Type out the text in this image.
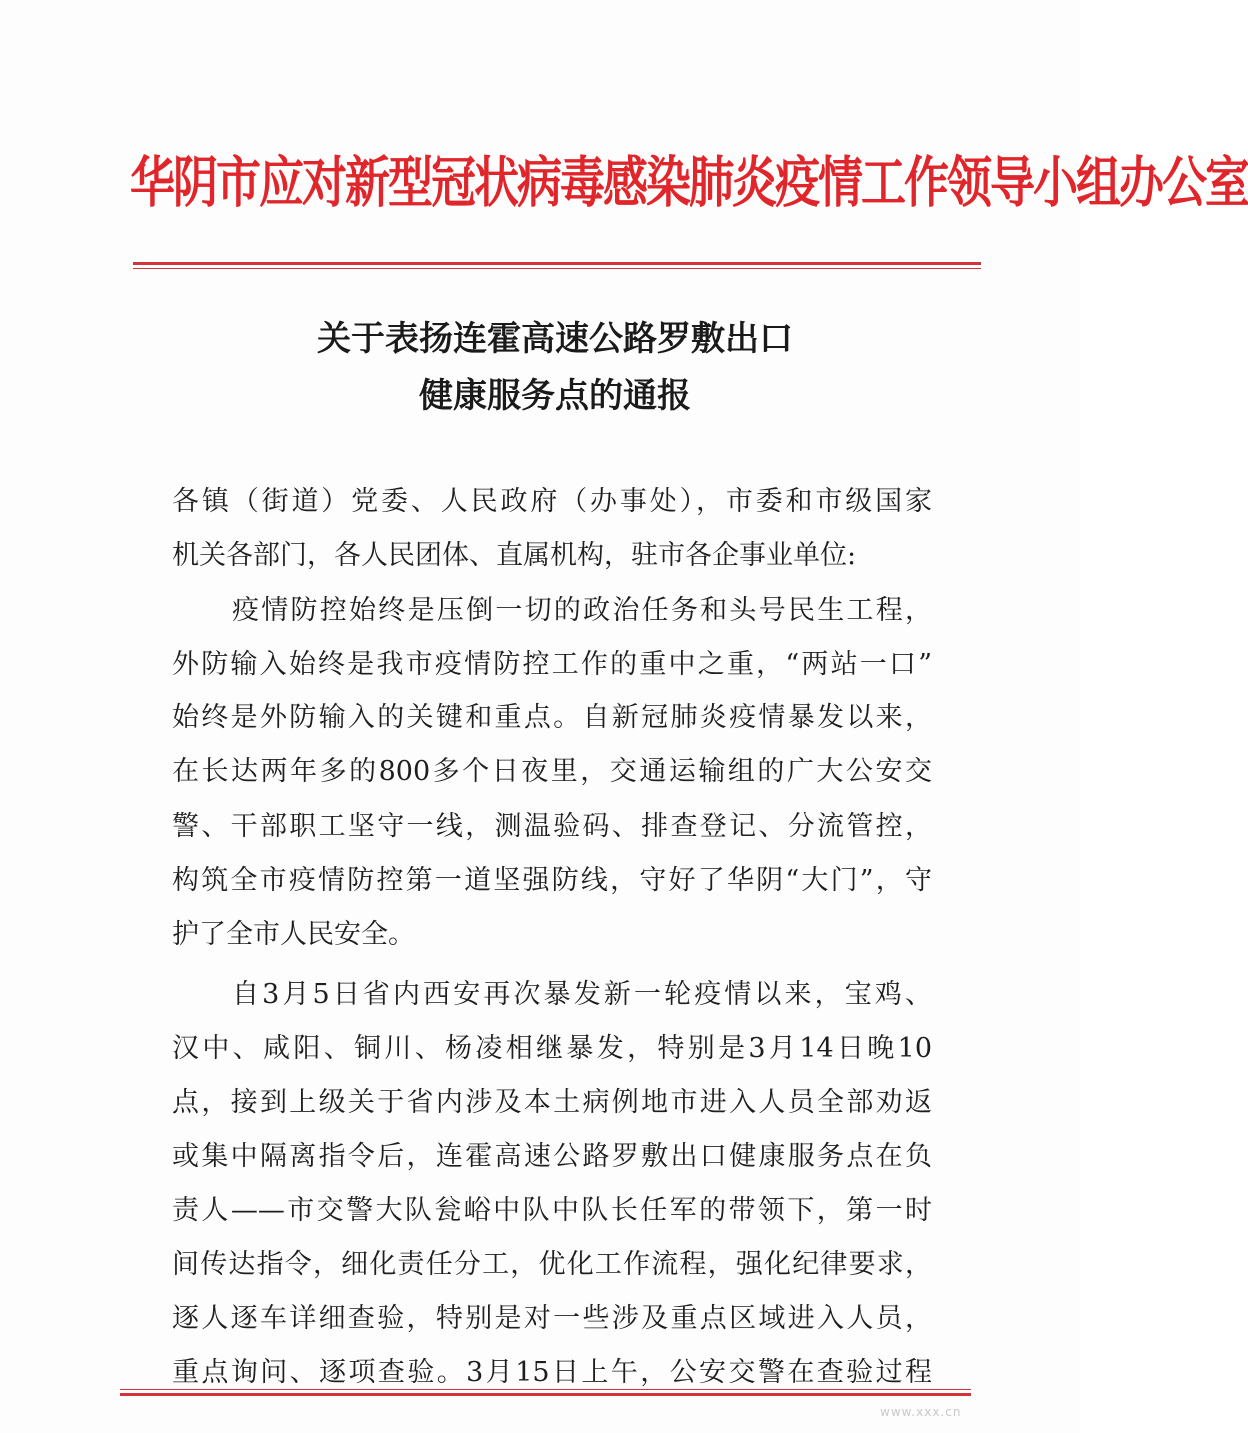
华阴市应对新型冠状病毒感染肺炎疫情工作领导小组办公室
关于表扬连霍高速公路罗敷出口
健康服务点的通报
各镇（街道）党委、人民政府（办事处），市委和市级国家
机关各部门，各人民团体、直属机构，驻市各企事业单位:
疫情防控始终是压倒一切的政治任务和头号民生工程，
外防输入始终是我市疫情防控工作的重中之重，“两站一口”
始终是外防输入的关键和重点。自新冠肺炎疫情暴发以来，
在长达两年多的800多个日夜里，交通运输组的广大公安交
警、干部职工坚守一线，测温验码、排查登记、分流管控，
构筑全市疫情防控第一道坚强防线，守好了华阴“大门”，守
护了全市人民安全。
自3月5日省内西安再次暴发新一轮疫情以来，宝鸡、
汉中、咸阳、铜川、杨凌相继暴发，特别是3月14日晚10
点，接到上级关于省内涉及本土病例地市进入人员全部劝返
或集中隔离指令后，连霍高速公路罗敷出口健康服务点在负
责人——市交警大队瓮峪中队中队长任军的带领下，第一时
间传达指令，细化责任分工，优化工作流程，强化纪律要求，
逐人逐车详细查验，特别是对一些涉及重点区域进入人员，
重点询问、逐项查验。3月15日上午，公安交警在查验过程
www.xxx.cn
